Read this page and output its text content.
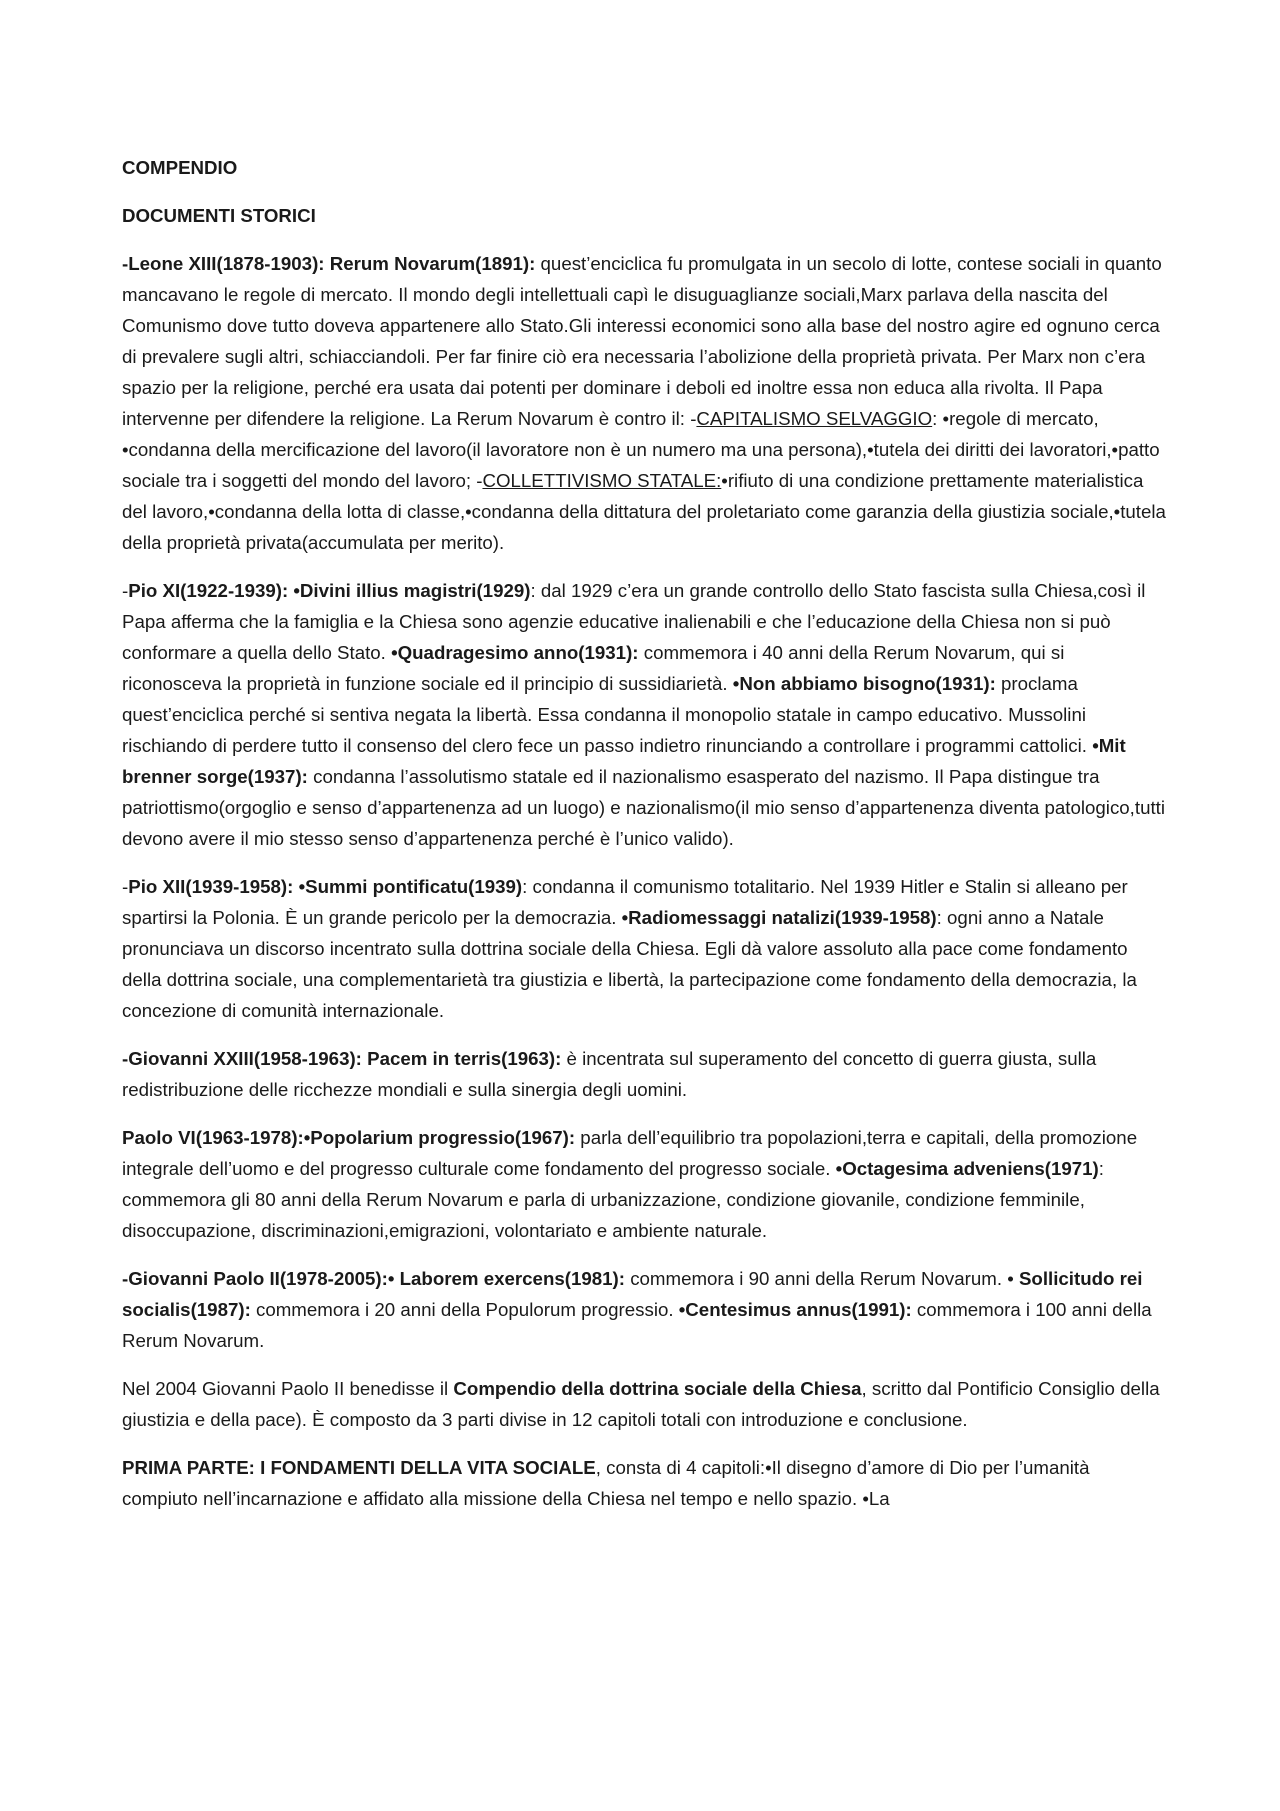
COMPENDIO
DOCUMENTI STORICI

-Leone XIII(1878-1903): Rerum Novarum(1891): quest’enciclica fu promulgata in un secolo di lotte, contese sociali in quanto mancavano le regole di mercato. Il mondo degli intellettuali capì le disuguaglianze sociali,Marx parlava della nascita del Comunismo dove tutto doveva appartenere allo Stato.Gli interessi economici sono alla base del nostro agire ed ognuno cerca di prevalere sugli altri, schiacciandoli. Per far finire ciò era necessaria l’abolizione della proprietà privata. Per Marx non c’era spazio per la religione, perché era usata dai potenti per dominare i deboli ed inoltre essa non educa alla rivolta. Il Papa intervenne per difendere la religione. La Rerum Novarum è contro il: -CAPITALISMO SELVAGGIO: •regole di mercato, •condanna della mercificazione del lavoro(il lavoratore non è un numero ma una persona),•tutela dei diritti dei lavoratori,•patto sociale tra i soggetti del mondo del lavoro; -COLLETTIVISMO STATALE:•rifiuto di una condizione prettamente materialistica del lavoro,•condanna della lotta di classe,•condanna della dittatura del proletariato come garanzia della giustizia sociale,•tutela della proprietà privata(accumulata per merito).

-Pio XI(1922-1939): •Divini illius magistri(1929): dal 1929 c’era un grande controllo dello Stato fascista sulla Chiesa,così il Papa afferma che la famiglia e la Chiesa sono agenzie educative inalienabili e che l’educazione della Chiesa non si può conformare a quella dello Stato. •Quadragesimo anno(1931): commemora i 40 anni della Rerum Novarum, qui si riconosceva la proprietà in funzione sociale ed il principio di sussidiarietà. •Non abbiamo bisogno(1931): proclama quest’enciclica perché si sentiva negata la libertà. Essa condanna il monopolio statale in campo educativo. Mussolini rischiando di perdere tutto il consenso del clero fece un passo indietro rinunciando a controllare i programmi cattolici. •Mit brenner sorge(1937): condanna l’assolutismo statale ed il nazionalismo esasperato del nazismo. Il Papa distingue tra patriottismo(orgoglio e senso d’appartenenza ad un luogo) e nazionalismo(il mio senso d’appartenenza diventa patologico,tutti devono avere il mio stesso senso d’appartenenza perché è l’unico valido).

-Pio XII(1939-1958): •Summi pontificatu(1939): condanna il comunismo totalitario. Nel 1939 Hitler e Stalin si alleano per spartirsi la Polonia. È un grande pericolo per la democrazia. •Radiomessaggi natalizi(1939-1958): ogni anno a Natale pronunciava un discorso incentrato sulla dottrina sociale della Chiesa. Egli dà valore assoluto alla pace come fondamento della dottrina sociale, una complementarietà tra giustizia e libertà, la partecipazione come fondamento della democrazia, la concezione di comunità internazionale.

-Giovanni XXIII(1958-1963): Pacem in terris(1963): è incentrata sul superamento del concetto di guerra giusta, sulla redistribuzione delle ricchezze mondiali e sulla sinergia degli uomini.

Paolo VI(1963-1978):•Popolarium progressio(1967): parla dell’equilibrio tra popolazioni,terra e capitali, della promozione integrale dell’uomo e del progresso culturale come fondamento del progresso sociale. •Octagesima adveniens(1971): commemora gli 80 anni della Rerum Novarum e parla di urbanizzazione, condizione giovanile, condizione femminile, disoccupazione, discriminazioni,emigrazioni, volontariato e ambiente naturale.

-Giovanni Paolo II(1978-2005):• Laborem exercens(1981): commemora i 90 anni della Rerum Novarum. • Sollicitudo rei socialis(1987): commemora i 20 anni della Populorum progressio. •Centesimus annus(1991): commemora i 100 anni della Rerum Novarum.

Nel 2004 Giovanni Paolo II benedisse il Compendio della dottrina sociale della Chiesa, scritto dal Pontificio Consiglio della giustizia e della pace). È composto da 3 parti divise in 12 capitoli totali con introduzione e conclusione.

PRIMA PARTE: I FONDAMENTI DELLA VITA SOCIALE, consta di 4 capitoli:•Il disegno d’amore di Dio per l’umanità compiuto nell’incarnazione e affidato alla missione della Chiesa nel tempo e nello spazio. •La
